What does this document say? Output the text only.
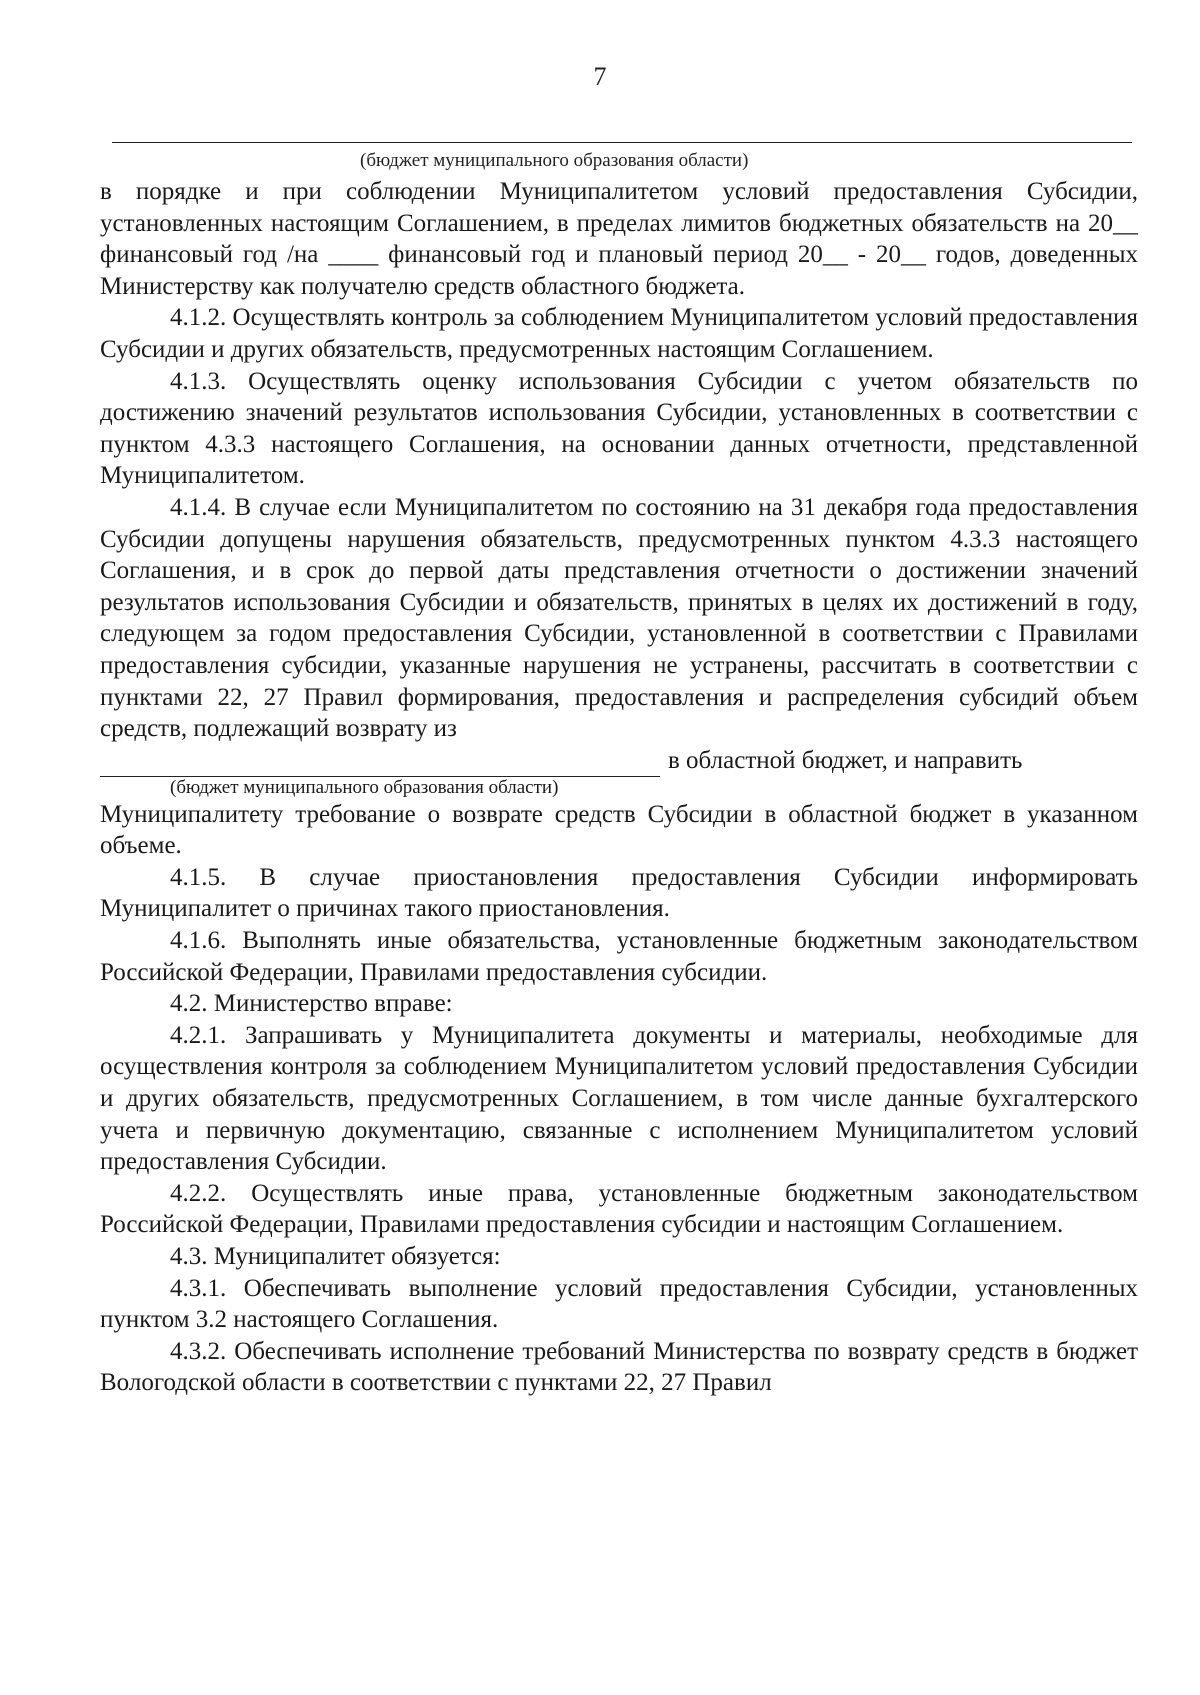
7
(бюджет муниципального образования области)

в порядке и при соблюдении Муниципалитетом условий предоставления Субсидии, установленных настоящим Соглашением, в пределах лимитов бюджетных обязательств на 20__ финансовый год /на ____ финансовый год и плановый период 20__ - 20__ годов, доведенных Министерству как получателю средств областного бюджета.

4.1.2. Осуществлять контроль за соблюдением Муниципалитетом условий предоставления Субсидии и других обязательств, предусмотренных настоящим Соглашением.

4.1.3. Осуществлять оценку использования Субсидии с учетом обязательств по достижению значений результатов использования Субсидии, установленных в соответствии с пунктом 4.3.3 настоящего Соглашения, на основании данных отчетности, представленной Муниципалитетом.

4.1.4. В случае если Муниципалитетом по состоянию на 31 декабря года предоставления Субсидии допущены нарушения обязательств, предусмотренных пунктом 4.3.3 настоящего Соглашения, и в срок до первой даты представления отчетности о достижении значений результатов использования Субсидии и обязательств, принятых в целях их достижений в году, следующем за годом предоставления Субсидии, установленной в соответствии с Правилами предоставления субсидии, указанные нарушения не устранены, рассчитать в соответствии с пунктами 22, 27 Правил формирования, предоставления и распределения субсидий объем средств, подлежащий возврату из

в областной бюджет, и направить
(бюджет муниципального образования области)

Муниципалитету требование о возврате средств Субсидии в областной бюджет в указанном объеме.

4.1.5. В случае приостановления предоставления Субсидии информировать Муниципалитет о причинах такого приостановления.

4.1.6. Выполнять иные обязательства, установленные бюджетным законодательством Российской Федерации, Правилами предоставления субсидии.

4.2. Министерство вправе:

4.2.1. Запрашивать у Муниципалитета документы и материалы, необходимые для осуществления контроля за соблюдением Муниципалитетом условий предоставления Субсидии и других обязательств, предусмотренных Соглашением, в том числе данные бухгалтерского учета и первичную документацию, связанные с исполнением Муниципалитетом условий предоставления Субсидии.

4.2.2. Осуществлять иные права, установленные бюджетным законодательством Российской Федерации, Правилами предоставления субсидии и настоящим Соглашением.

4.3. Муниципалитет обязуется:

4.3.1. Обеспечивать выполнение условий предоставления Субсидии, установленных пунктом 3.2 настоящего Соглашения.

4.3.2. Обеспечивать исполнение требований Министерства по возврату средств в бюджет Вологодской области в соответствии с пунктами 22, 27 Правил
